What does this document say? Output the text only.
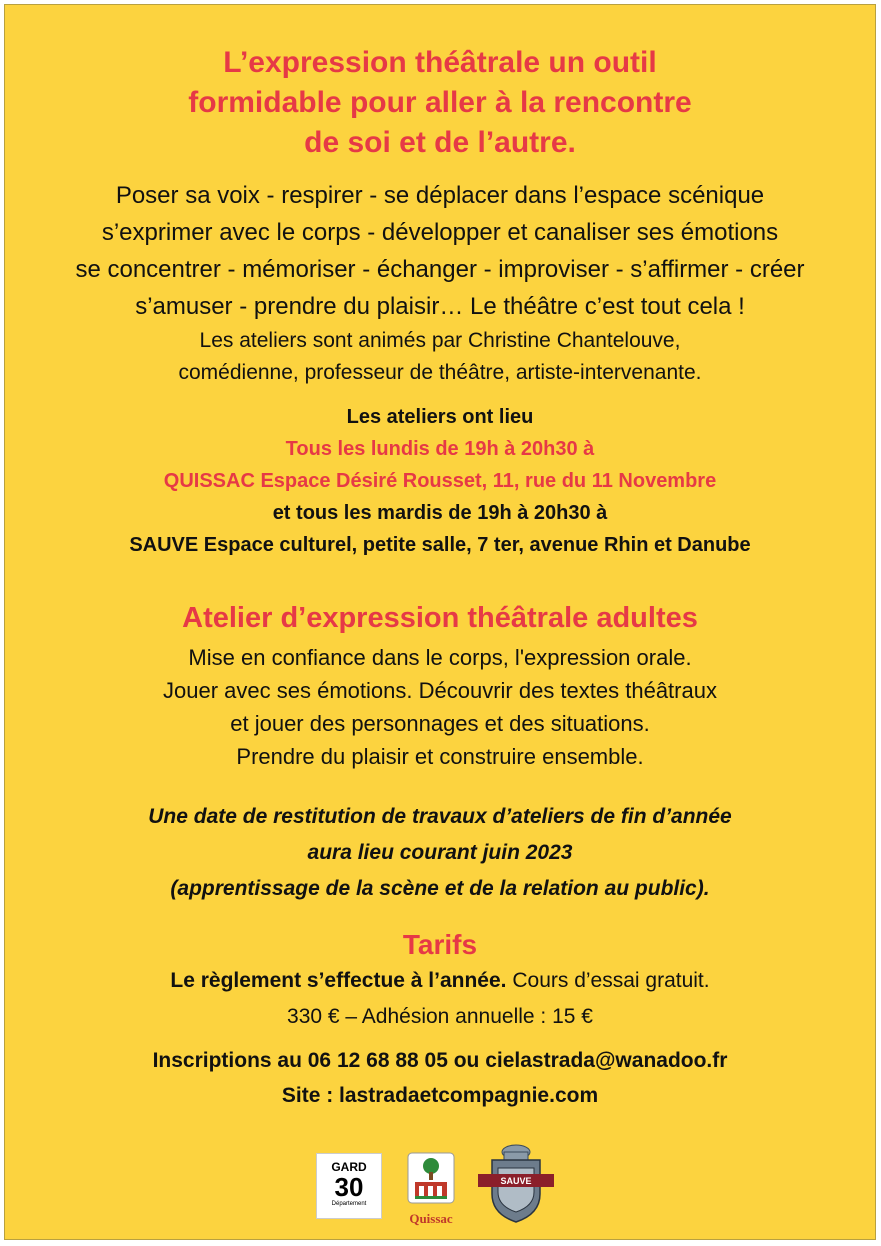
L’expression théâtrale un outil
formidable pour aller à la rencontre
de soi et de l’autre.
Poser sa voix - respirer - se déplacer dans l’espace scénique
s’exprimer avec le corps - développer et canaliser ses émotions
se concentrer - mémoriser - échanger - improviser - s’affirmer - créer
s’amuser - prendre du plaisir… Le théâtre c’est tout cela !
Les ateliers sont animés par Christine Chantelouve,
comédienne, professeur de théâtre, artiste-intervenante.
Les ateliers ont lieu
Tous les lundis de 19h à 20h30 à
QUISSAC Espace Désiré Rousset, 11, rue du 11 Novembre
et tous les mardis de 19h à 20h30 à
SAUVE Espace culturel, petite salle, 7 ter, avenue Rhin et Danube
Atelier d’expression théâtrale adultes
Mise en confiance dans le corps, l'expression orale.
Jouer avec ses émotions. Découvrir des textes théâtraux
et jouer des personnages et des situations.
Prendre du plaisir et construire ensemble.
Une date de restitution de travaux d’ateliers de fin d’année
aura lieu courant juin 2023
(apprentissage de la scène et de la relation au public).
Tarifs
Le règlement s’effectue à l’année. Cours d’essai gratuit.
330 € – Adhésion annuelle : 15 €
Inscriptions au 06 12 68 88 05 ou cielastrada@wanadoo.fr
Site : lastradaetcompagnie.com
GARD
30
Département
Quissac
SAUVE
